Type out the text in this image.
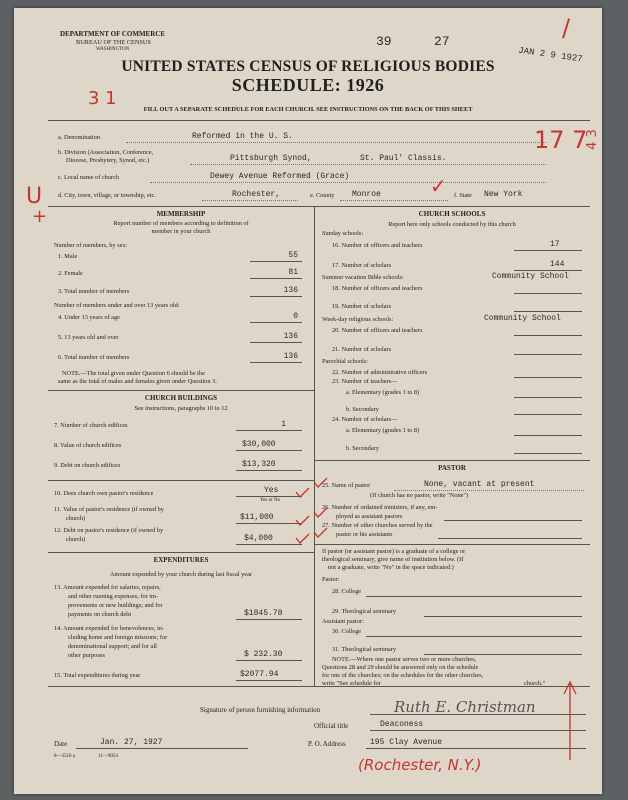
DEPARTMENT OF COMMERCE
BUREAU OF THE CENSUS
WASHINGTON
39	27
JAN 2 9 1927
UNITED STATES CENSUS OF RELIGIOUS BODIES
SCHEDULE: 1926
FILL OUT A SEPARATE SCHEDULE FOR EACH CHURCH. SEE INSTRUCTIONS ON THE BACK OF THIS SHEET
3 1
/
17 7
4 3
U
+
✓
a. Denomination	Reformed in the U. S.
b. Division (Association, Conference,
Diocese, Presbytery, Synod, etc.)	Pittsburgh Synod,	St. Paul' Classis.
c. Local name of church	Dewey Avenue Reformed (Grace)
d. City, town, village, or township, etc.	Rochester,	e. County Monroe	f. State New York
MEMBERSHIP
Report number of members according to definition of
member in your church
Number of members, by sex:
1. Male	55
2. Female	81
3. Total number of members	136
Number of members under and over 13 years old:
4. Under 13 years of age	0
5. 13 years old and over	136
6. Total number of members	136
NOTE.—The total given under Question 6 should be the
same as the total of males and females given under Question 3.
CHURCH BUILDINGS
See instructions, paragraphs 10 to 12
7. Number of church edifices	1
8. Value of church edifices	$30,000
9. Debt on church edifices	$13,320
10. Does church own pastor's residence	Yes
Yes or No
11. Value of pastor's residence (if owned by
church)	$11,000
12. Debt on pastor's residence (if owned by
church)	$4,000
EXPENDITURES
Amount expended by your church during last fiscal year
13. Amount expended for salaries, repairs,
and other running expenses; for im-
provements or new buildings; and for
payments on church debt	$1845.78
14. Amount expended for benevolences, in-
cluding home and foreign missions; for
denominational support; and for all
other purposes	$ 232.30
15. Total expenditures during year	$2077.94
CHURCH SCHOOLS
Report here only schools conducted by this church
Sunday schools:
16. Number of officers and teachers	17
17. Number of scholars	144
Summer vacation Bible schools:	Community School
18. Number of officers and teachers
19. Number of scholars
Week-day religious schools:	Community School
20. Number of officers and teachers
21. Number of scholars
Parochial schools:
22. Number of administrative officers
23. Number of teachers—
a. Elementary (grades 1 to 8)
b. Secondary
24. Number of scholars—
a. Elementary (grades 1 to 8)
b. Secondary
PASTOR
25. Name of pastor	None, vacant at present
(If church has no pastor, write "None")
26. Number of ordained ministers, if any, em-
ployed as assistant pastors
27. Number of other churches served by the
pastor or his assistants
If pastor (or assistant pastor) is a graduate of a college or
theological seminary, give name of institution below. (If
not a graduate, write "No" in the space indicated.)
Pastor:
28. College
29. Theological seminary
Assistant pastor:
30. College
31. Theological seminary
NOTE.—Where one pastor serves two or more churches,
Questions 28 and 29 should be answered only on the schedule
for one of the churches; on the schedules for the other churches,
write "See schedule for	church."
Signature of person furnishing information	Ruth E. Christman
Official title	Deaconess
Date	Jan. 27, 1927	P. O. Address	195 Clay Avenue
8—3518 a	11—9054	(Rochester, N.Y.)
